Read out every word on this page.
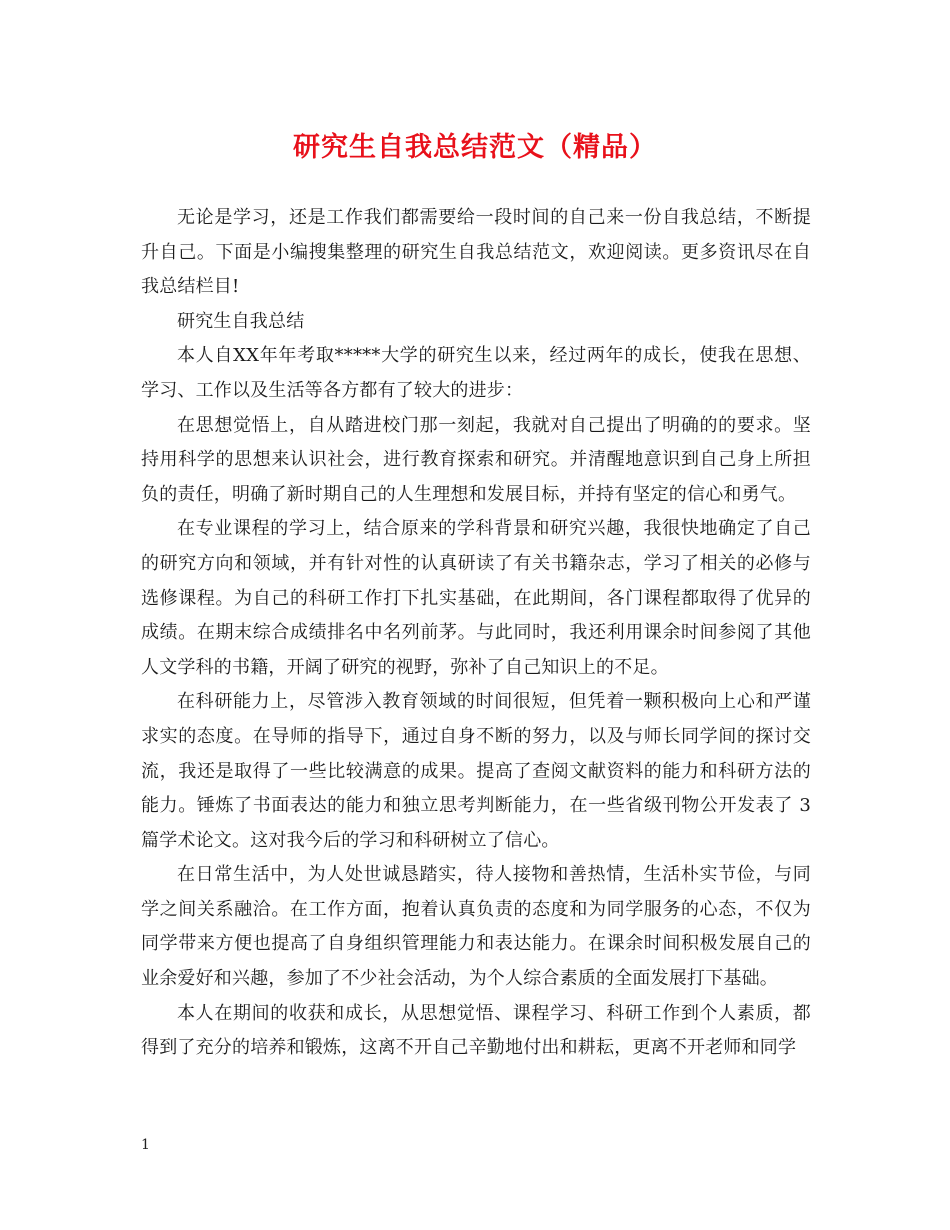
研究生自我总结范文（精品）

无论是学习，还是工作我们都需要给一段时间的自己来一份自我总结，不断提升自己。下面是小编搜集整理的研究生自我总结范文，欢迎阅读。更多资讯尽在自我总结栏目!

研究生自我总结

本人自XX年年考取*****大学的研究生以来，经过两年的成长，使我在思想、学习、工作以及生活等各方都有了较大的进步：

在思想觉悟上，自从踏进校门那一刻起，我就对自己提出了明确的的要求。坚持用科学的思想来认识社会，进行教育探索和研究。并清醒地意识到自己身上所担负的责任，明确了新时期自己的人生理想和发展目标，并持有坚定的信心和勇气。

在专业课程的学习上，结合原来的学科背景和研究兴趣，我很快地确定了自己的研究方向和领域，并有针对性的认真研读了有关书籍杂志，学习了相关的必修与选修课程。为自己的科研工作打下扎实基础，在此期间，各门课程都取得了优异的成绩。在期末综合成绩排名中名列前茅。与此同时，我还利用课余时间参阅了其他人文学科的书籍，开阔了研究的视野，弥补了自己知识上的不足。

在科研能力上，尽管涉入教育领域的时间很短，但凭着一颗积极向上心和严谨求实的态度。在导师的指导下，通过自身不断的努力，以及与师长同学间的探讨交流，我还是取得了一些比较满意的成果。提高了查阅文献资料的能力和科研方法的能力。锤炼了书面表达的能力和独立思考判断能力，在一些省级刊物公开发表了 3 篇学术论文。这对我今后的学习和科研树立了信心。

在日常生活中，为人处世诚恳踏实，待人接物和善热情，生活朴实节俭，与同学之间关系融洽。在工作方面，抱着认真负责的态度和为同学服务的心态，不仅为同学带来方便也提高了自身组织管理能力和表达能力。在课余时间积极发展自己的业余爱好和兴趣，参加了不少社会活动，为个人综合素质的全面发展打下基础。

本人在期间的收获和成长，从思想觉悟、课程学习、科研工作到个人素质，都得到了充分的培养和锻炼，这离不开自己辛勤地付出和耕耘，更离不开老师和同学

1
